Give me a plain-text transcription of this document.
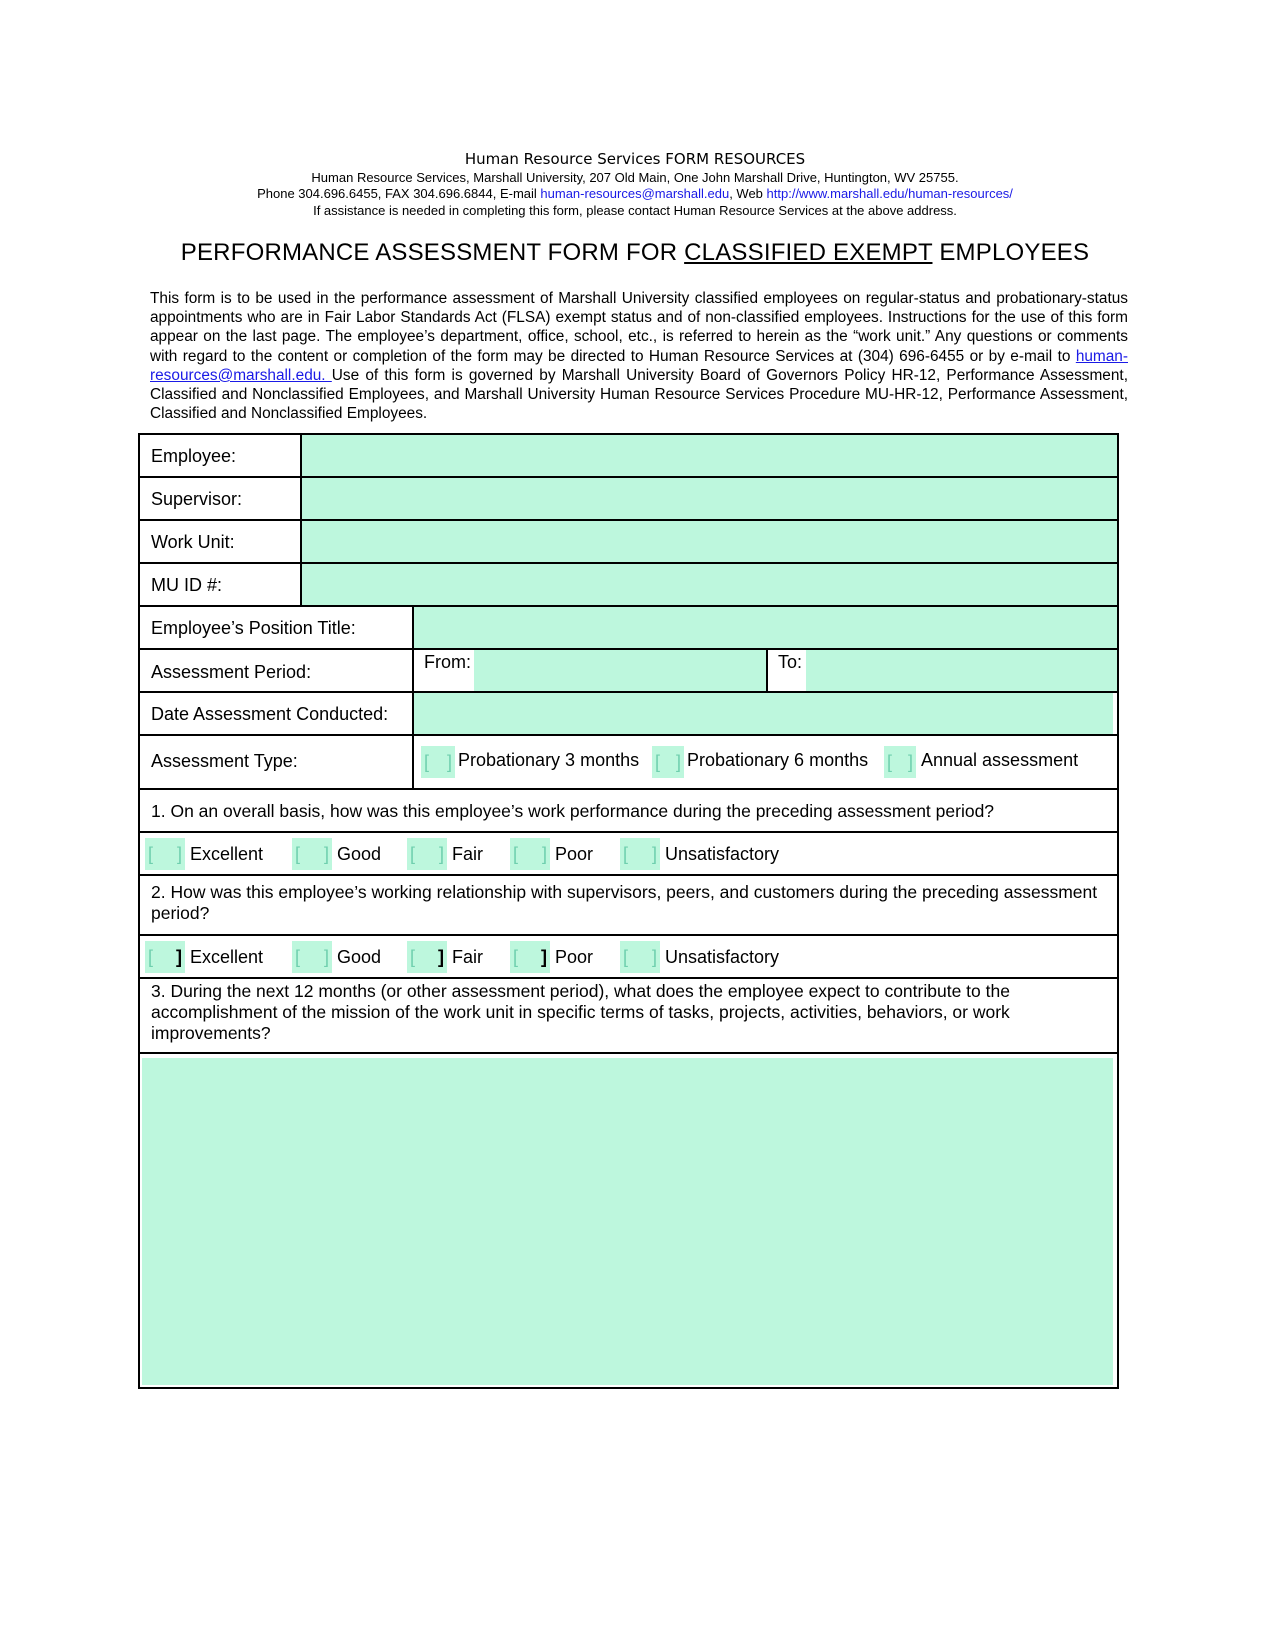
Human Resource Services FORM RESOURCES
Human Resource Services, Marshall University, 207 Old Main, One John Marshall Drive, Huntington, WV 25755.
Phone 304.696.6455, FAX 304.696.6844, E-mail human-resources@marshall.edu, Web http://www.marshall.edu/human-resources/
If assistance is needed in completing this form, please contact Human Resource Services at the above address.
PERFORMANCE ASSESSMENT FORM FOR CLASSIFIED EXEMPT EMPLOYEES
This form is to be used in the performance assessment of Marshall University classified employees on regular-status and probationary-status appointments who are in Fair Labor Standards Act (FLSA) exempt status and of non-classified employees. Instructions for the use of this form appear on the last page. The employee’s department, office, school, etc., is referred to herein as the “work unit.” Any questions or comments with regard to the content or completion of the form may be directed to Human Resource Services at (304) 696-6455 or by e-mail to human-resources@marshall.edu. Use of this form is governed by Marshall University Board of Governors Policy HR-12, Performance Assessment, Classified and Nonclassified Employees, and Marshall University Human Resource Services Procedure MU-HR-12, Performance Assessment, Classified and Nonclassified Employees.
Employee:
Supervisor:
Work Unit:
MU ID #:
Employee’s Position Title:
Assessment Period:	From:	To:
Date Assessment Conducted:
Assessment Type:	[ ] Probationary 3 months [ ] Probationary 6 months [ ] Annual assessment
1. On an overall basis, how was this employee’s work performance during the preceding assessment period?
[ ] Excellent [ ] Good [ ] Fair [ ] Poor [ ] Unsatisfactory
2. How was this employee’s working relationship with supervisors, peers, and customers during the preceding assessment period?
[ ] Excellent [ ] Good [ ] Fair [ ] Poor [ ] Unsatisfactory
3. During the next 12 months (or other assessment period), what does the employee expect to contribute to the accomplishment of the mission of the work unit in specific terms of tasks, projects, activities, behaviors, or work improvements?
